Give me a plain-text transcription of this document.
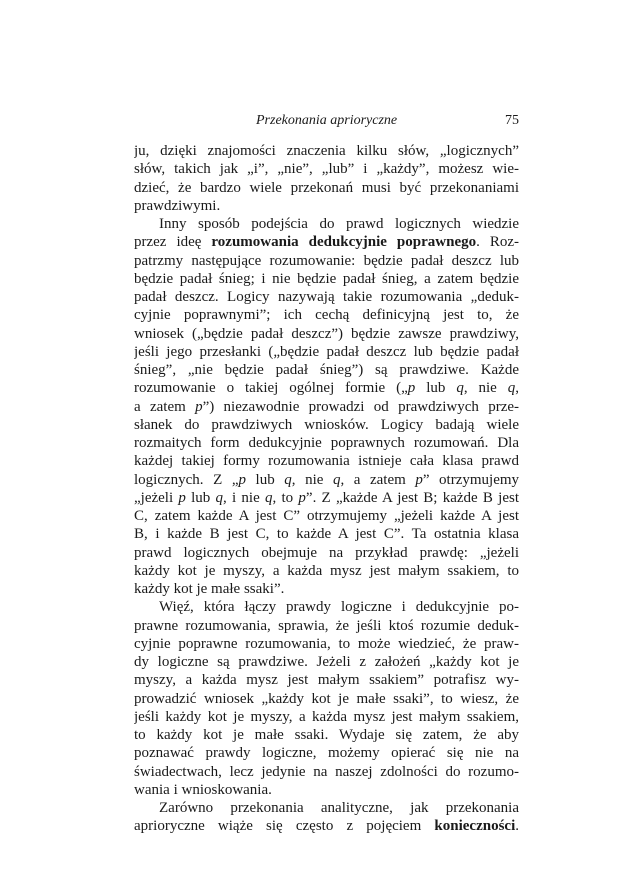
Przekonania aprioryczne	75
ju, dzięki znajomości znaczenia kilku słów, „logicznych”
słów, takich jak „i”, „nie”, „lub” i „każdy”, możesz wie-
dzieć, że bardzo wiele przekonań musi być przekonaniami
prawdziwymi.
Inny sposób podejścia do prawd logicznych wiedzie
przez ideę rozumowania dedukcyjnie poprawnego. Roz-
patrzmy następujące rozumowanie: będzie padał deszcz lub
będzie padał śnieg; i nie będzie padał śnieg, a zatem będzie
padał deszcz. Logicy nazywają takie rozumowania „deduk-
cyjnie poprawnymi”; ich cechą definicyjną jest to, że
wniosek („będzie padał deszcz”) będzie zawsze prawdziwy,
jeśli jego przesłanki („będzie padał deszcz lub będzie padał
śnieg”, „nie będzie padał śnieg”) są prawdziwe. Każde
rozumowanie o takiej ogólnej formie („p lub q, nie q,
a zatem p”) niezawodnie prowadzi od prawdziwych prze-
słanek do prawdziwych wniosków. Logicy badają wiele
rozmaitych form dedukcyjnie poprawnych rozumowań. Dla
każdej takiej formy rozumowania istnieje cała klasa prawd
logicznych. Z „p lub q, nie q, a zatem p” otrzymujemy
„jeżeli p lub q, i nie q, to p”. Z „każde A jest B; każde B jest
C, zatem każde A jest C” otrzymujemy „jeżeli każde A jest
B, i każde B jest C, to każde A jest C”. Ta ostatnia klasa
prawd logicznych obejmuje na przykład prawdę: „jeżeli
każdy kot je myszy, a każda mysz jest małym ssakiem, to
każdy kot je małe ssaki”.
Więź, która łączy prawdy logiczne i dedukcyjnie po-
prawne rozumowania, sprawia, że jeśli ktoś rozumie deduk-
cyjnie poprawne rozumowania, to może wiedzieć, że praw-
dy logiczne są prawdziwe. Jeżeli z założeń „każdy kot je
myszy, a każda mysz jest małym ssakiem” potrafisz wy-
prowadzić wniosek „każdy kot je małe ssaki”, to wiesz, że
jeśli każdy kot je myszy, a każda mysz jest małym ssakiem,
to każdy kot je małe ssaki. Wydaje się zatem, że aby
poznawać prawdy logiczne, możemy opierać się nie na
świadectwach, lecz jedynie na naszej zdolności do rozumo-
wania i wnioskowania.
Zarówno przekonania analityczne, jak przekonania
aprioryczne wiąże się często z pojęciem konieczności.
